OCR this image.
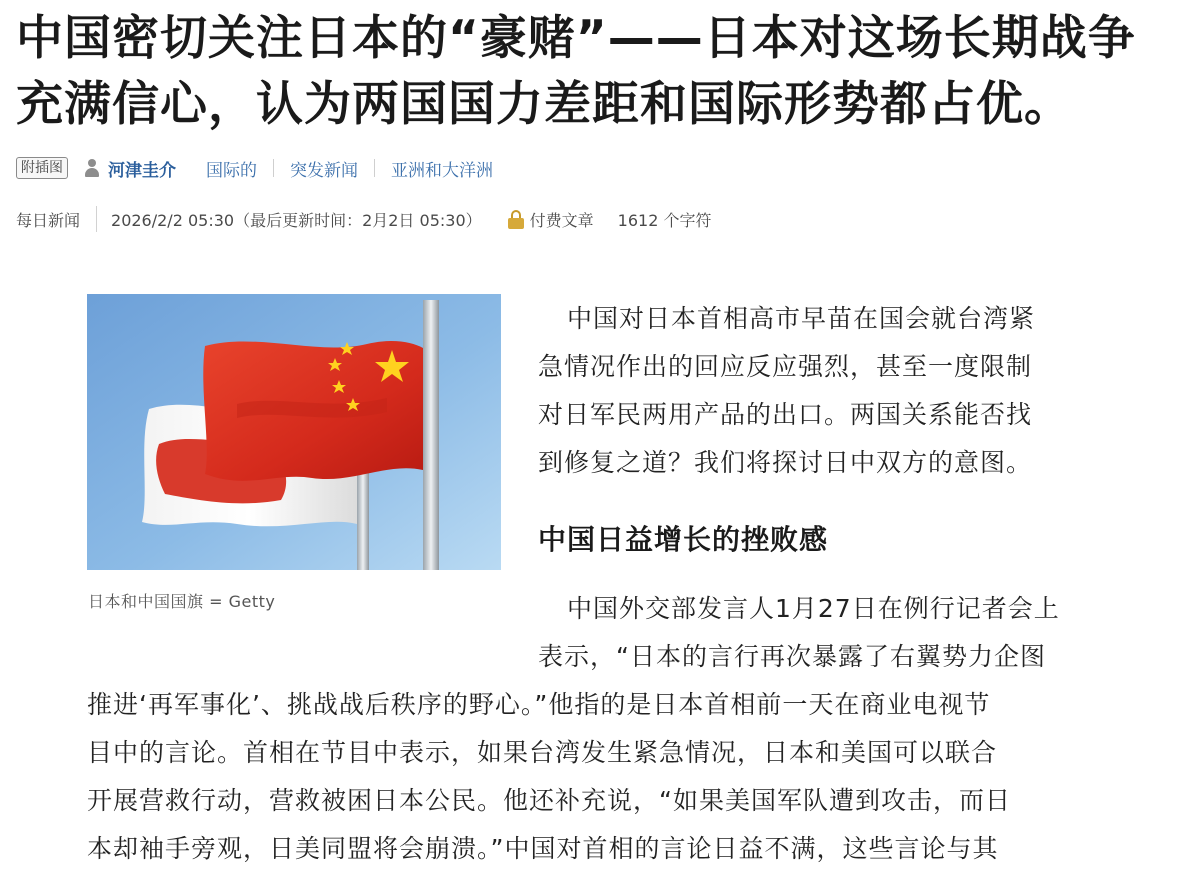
中国密切关注日本的“豪赌”——日本对这场长期战争
充满信心，认为两国国力差距和国际形势都占优。
附插图	河津圭介 国际的 突发新闻 亚洲和大洋洲
每日新闻 2026/2/2 05:30（最后更新时间：2月2日 05:30）	付费文章 1612 个字符
日本和中国国旗 = Getty

中国对日本首相高市早苗在国会就台湾紧
急情况作出的回应反应强烈，甚至一度限制
对日军民两用产品的出口。两国关系能否找
到修复之道？我们将探讨日中双方的意图。

中国日益增长的挫败感

中国外交部发言人1月27日在例行记者会上
表示，“日本的言行再次暴露了右翼势力企图

推进‘再军事化’、挑战战后秩序的野心。”他指的是日本首相前一天在商业电视节
目中的言论。首相在节目中表示，如果台湾发生紧急情况，日本和美国可以联合
开展营救行动，营救被困日本公民。他还补充说，“如果美国军队遭到攻击，而日
本却袖手旁观，日美同盟将会崩溃。”中国对首相的言论日益不满，这些言论与其
